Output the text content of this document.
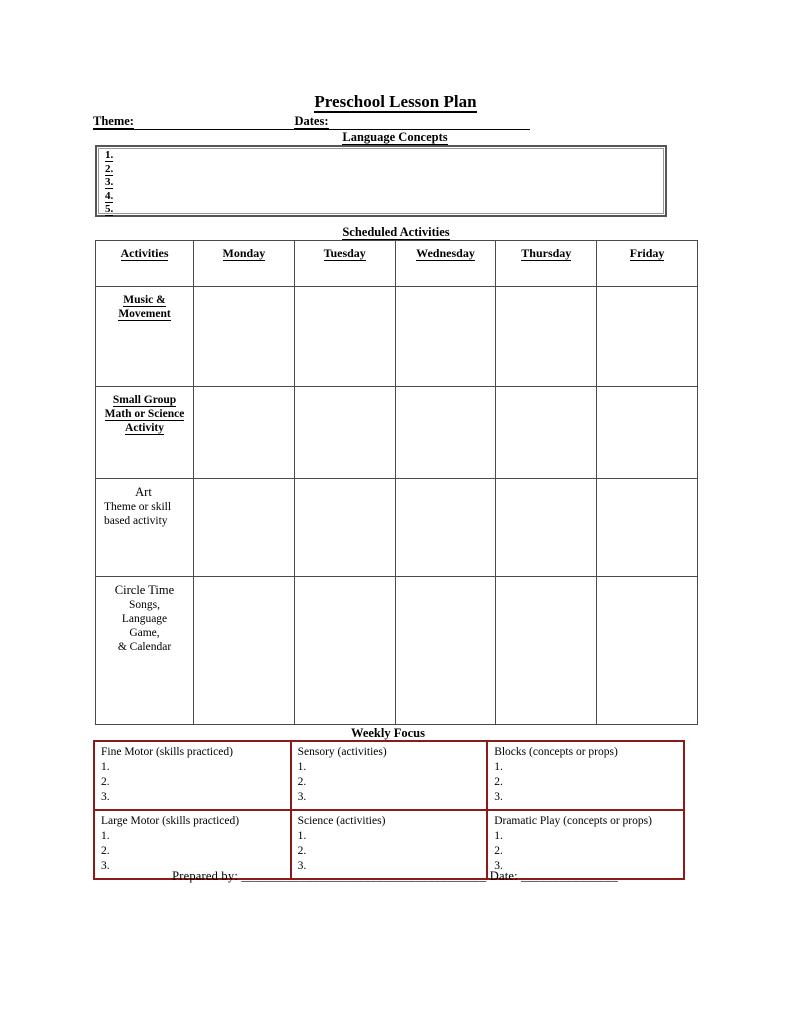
Preschool Lesson Plan
Theme:	Dates:
Language Concepts
1.
2.
3.
4.
5.
Scheduled Activities
Activities	Monday	Tuesday	Wednesday	Thursday	Friday

Music &
Movement					

Small Group
Math or Science
Activity					

Art
Theme or skill
based activity					

Circle Time
Songs,
Language
Game,
& Calendar					

Weekly Focus
Fine Motor (skills practiced)
1.
2.
3.

Sensory (activities)
1.
2.
3.

Blocks (concepts or props)
1.
2.
3.

Large Motor (skills practiced)
1.
2.
3.

Science (activities)
1.
2.
3.

Dramatic Play (concepts or props)
1.
2.
3.
Prepared by: ______________________________________ Date: _______________
